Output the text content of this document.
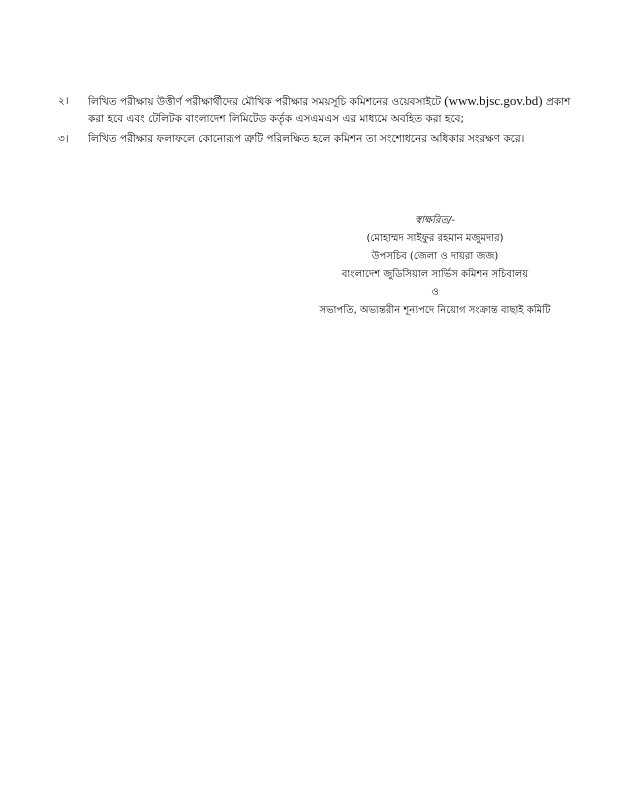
২।	লিখিত পরীক্ষায় উত্তীর্ণ পরীক্ষার্থীদের মৌখিক পরীক্ষার সময়সূচি কমিশনের ওয়েবসাইটে (www.bjsc.gov.bd) প্রকাশ
করা হবে এবং টেলিটক বাংলাদেশ লিমিটেড কর্তৃক এসএমএস এর মাধ্যমে অবহিত করা হবে;
৩।	লিখিত পরীক্ষার ফলাফলে কোনোরূপ ত্রুটি পরিলক্ষিত হলে কমিশন তা সংশোধনের অধিকার সংরক্ষণ করে।
স্বাক্ষরিত/-
(মোহাম্মদ সাইফুর রহমান মজুমদার)
উপসচিব (জেলা ও দায়রা জজ)
বাংলাদেশ জুডিসিয়াল সার্ভিস কমিশন সচিবালয়
ও
সভাপতি, অভ্যন্তরীন শূন্যপদে নিয়োগ সংক্রান্ত বাছাই কমিটি
